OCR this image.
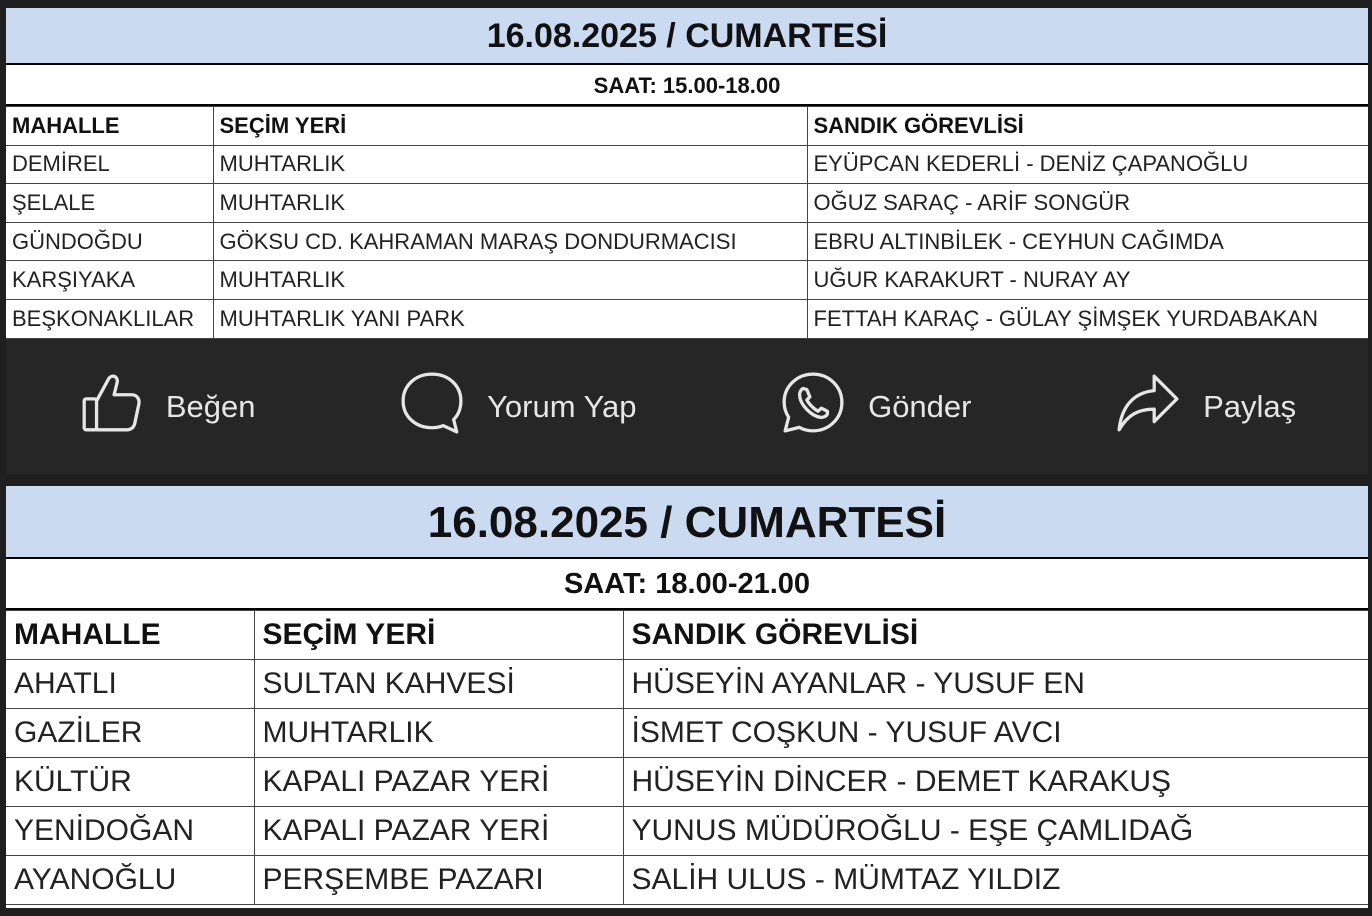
16.08.2025 / CUMARTESİ
SAAT: 15.00-18.00
MAHALLE	SEÇİM YERİ	SANDIK GÖREVLİSİ
DEMİREL	MUHTARLIK	EYÜPCAN KEDERLİ - DENİZ ÇAPANOĞLU
ŞELALE	MUHTARLIK	OĞUZ SARAÇ - ARİF SONGÜR
GÜNDOĞDU	GÖKSU CD. KAHRAMAN MARAŞ DONDURMACISI	EBRU ALTINBİLEK - CEYHUN CAĞIMDA
KARŞIYAKA	MUHTARLIK	UĞUR KARAKURT - NURAY AY
BEŞKONAKLILAR	MUHTARLIK YANI PARK	FETTAH KARAÇ - GÜLAY ŞİMŞEK YURDABAKAN
Beğen	Yorum Yap	Gönder	Paylaş
16.08.2025 / CUMARTESİ
SAAT: 18.00-21.00
MAHALLE	SEÇİM YERİ	SANDIK GÖREVLİSİ
AHATLI	SULTAN KAHVESİ	HÜSEYİN AYANLAR - YUSUF EN
GAZİLER	MUHTARLIK	İSMET COŞKUN - YUSUF AVCI
KÜLTÜR	KAPALI PAZAR YERİ	HÜSEYİN DİNCER - DEMET KARAKUŞ
YENİDOĞAN	KAPALI PAZAR YERİ	YUNUS MÜDÜROĞLU - EŞE ÇAMLIDAĞ
AYANOĞLU	PERŞEMBE PAZARI	SALİH ULUS - MÜMTAZ YILDIZ
